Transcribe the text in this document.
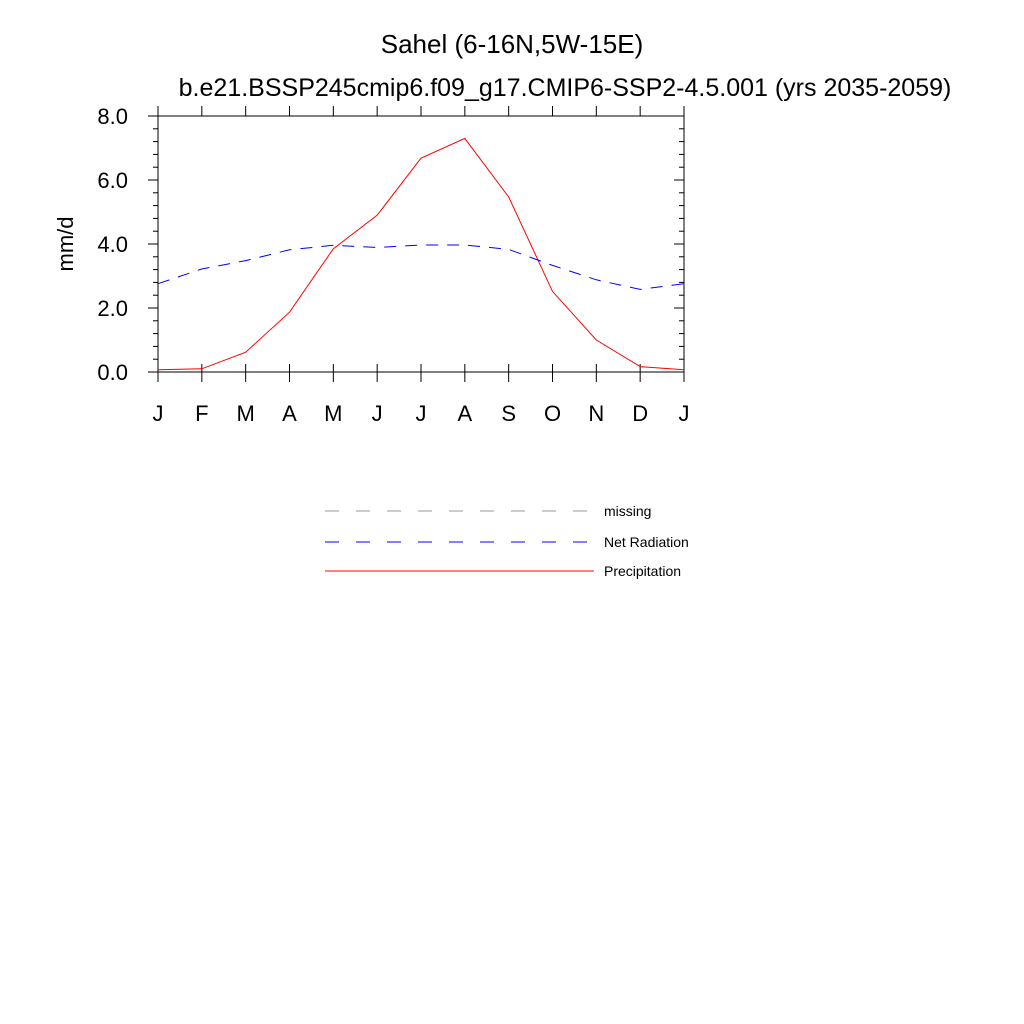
Sahel (6-16N,5W-15E)
b.e21.BSSP245cmip6.f09_g17.CMIP6-SSP2-4.5.001 (yrs 2035-2059)
mm/d
0.0
2.0
4.0
6.0
8.0
J F M A M J J A S O N D J
missing
Net Radiation
Precipitation
